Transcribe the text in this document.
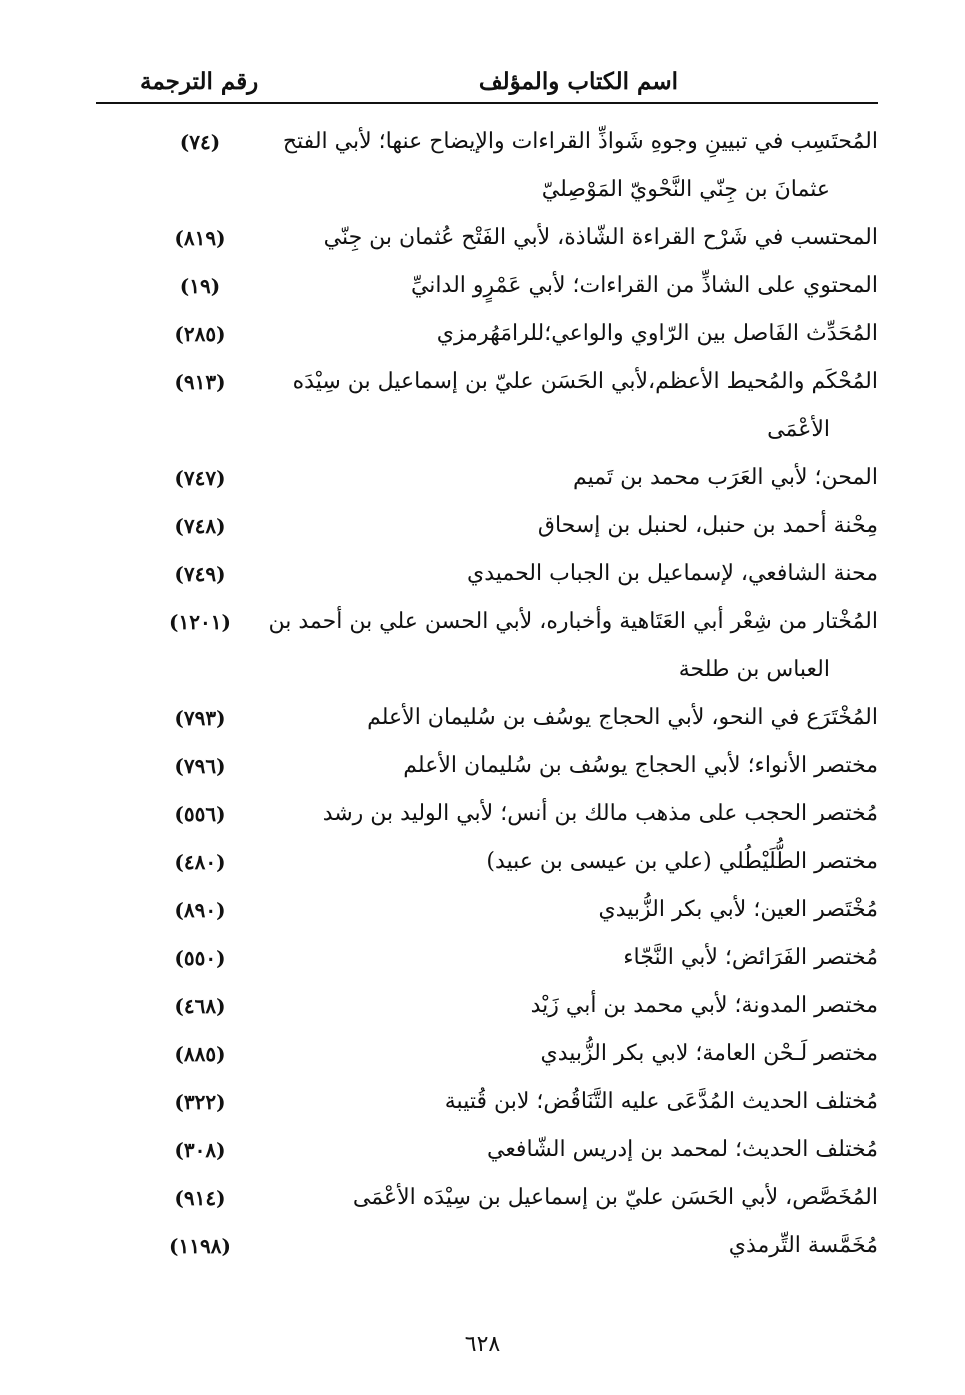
اسم الكتاب والمؤلف
رقم الترجمة
المُحتَسِب في تبيينِ وجوهِ شَواذِّ القراءات والإيضاح عنها؛ لأبي الفتح
عثمانَ بن جِنّي النَّحْويّ المَوْصِليّ
(٧٤)
المحتسب في شَرْح القراءة الشّاذة، لأبي الفَتْح عُثمان بن جِنّي
(٨١٩)
المحتوي على الشاذِّ من القراءات؛ لأبي عَمْرٍو الدانيِّ
(١٩)
المُحَدِّث الفَاصل بين الرّاوي والواعي؛للرامَهُرمزي
(٢٨٥)
المُحْكَم والمُحيط الأعظم،لأبي الحَسَن عليّ بن إسماعيل بن سِيْدَه
الأعْمَى
(٩١٣)
المحن؛ لأبي العَرَب محمد بن تَميم
(٧٤٧)
مِحْنة أحمد بن حنبل، لحنبل بن إسحاق
(٧٤٨)
محنة الشافعي، لإسماعيل بن الجباب الحميدي
(٧٤٩)
المُخْتار من شِعْر أبي العَتَاهية وأخباره، لأبي الحسن علي بن أحمد بن
العباس بن طلحة
(١٢٠١)
المُخْتَرَع في النحو، لأبي الحجاج يوسُف بن سُليمان الأعلم
(٧٩٣)
مختصر الأنواء؛ لأبي الحجاج يوسُف بن سُليمان الأعلم
(٧٩٦)
مُختصر الحجب على مذهب مالك بن أنس؛ لأبي الوليد بن رشد
(٥٥٦)
مختصر الطُّلَيْطُلي (علي بن عيسى بن عبيد)
(٤٨٠)
مُخْتَصر العين؛ لأبي بكر الزُّبيدي
(٨٩٠)
مُختصر الفَرَائض؛ لأبي النَّجّاء
(٥٥٠)
مختصر المدونة؛ لأبي محمد بن أبي زَيْد
(٤٦٨)
مختصر لَـحْن العامة؛ لابي بكر الزُّبيدي
(٨٨٥)
مُختلف الحديث المُدَّعَى عليه التَّنَاقُض؛ لابن قُتيبة
(٣٢٢)
مُختلف الحديث؛ لمحمد بن إدريس الشّافعي
(٣٠٨)
المُخَصَّص، لأبي الحَسَن عليّ بن إسماعيل بن سِيْدَه الأعْمَى
(٩١٤)
مُخَمَّسة التِّرمذي
(١١٩٨)
٦٢٨
